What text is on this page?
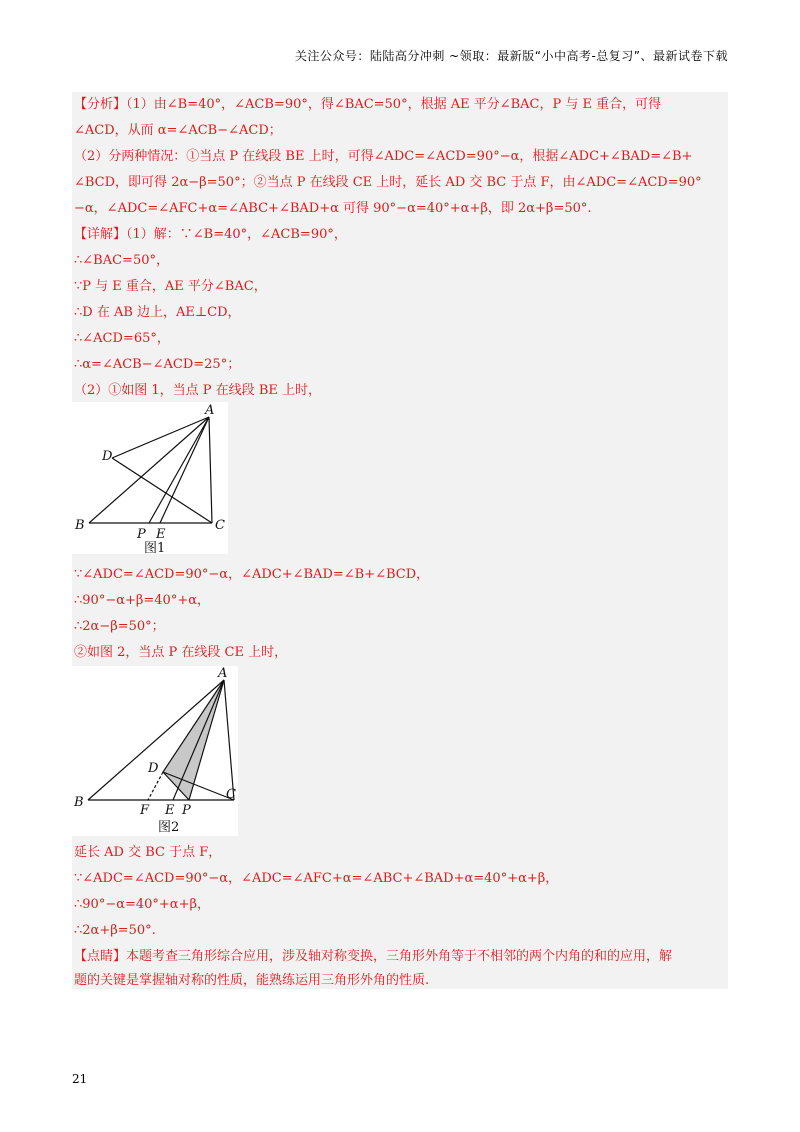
关注公众号：陆陆高分冲刺 ~领取：最新版“小中高考-总复习”、最新试卷下载
【分析】（1）由∠B=40°，∠ACB=90°，得∠BAC=50°，根据 AE 平分∠BAC，P 与 E 重合，可得
∠ACD，从而 α=∠ACB−∠ACD；
（2）分两种情况：①当点 P 在线段 BE 上时，可得∠ADC=∠ACD=90°−α，根据∠ADC+∠BAD=∠B+
∠BCD，即可得 2α−β=50°；②当点 P 在线段 CE 上时，延长 AD 交 BC 于点 F，由∠ADC=∠ACD=90°
−α，∠ADC=∠AFC+α=∠ABC+∠BAD+α 可得 90°−α=40°+α+β，即 2α+β=50°.
【详解】（1）解：∵∠B=40°，∠ACB=90°，
∴∠BAC=50°，
∵P 与 E 重合，AE 平分∠BAC，
∴D 在 AB 边上，AE⊥CD，
∴∠ACD=65°，
∴α=∠ACB−∠ACD=25°；
（2）①如图 1，当点 P 在线段 BE 上时，
A
B	C
D
P E
图1
∵∠ADC=∠ACD=90°−α，∠ADC+∠BAD=∠B+∠BCD，
∴90°−α+β=40°+α，
∴2α−β=50°；
②如图 2，当点 P 在线段 CE 上时，
A
B
C
D
F E P
图2
延长 AD 交 BC 于点 F，
∵∠ADC=∠ACD=90°−α，∠ADC=∠AFC+α=∠ABC+∠BAD+α=40°+α+β，
∴90°−α=40°+α+β，
∴2α+β=50°.
【点睛】本题考查三角形综合应用，涉及轴对称变换，三角形外角等于不相邻的两个内角的和的应用，解
题的关键是掌握轴对称的性质，能熟练运用三角形外角的性质.
21
